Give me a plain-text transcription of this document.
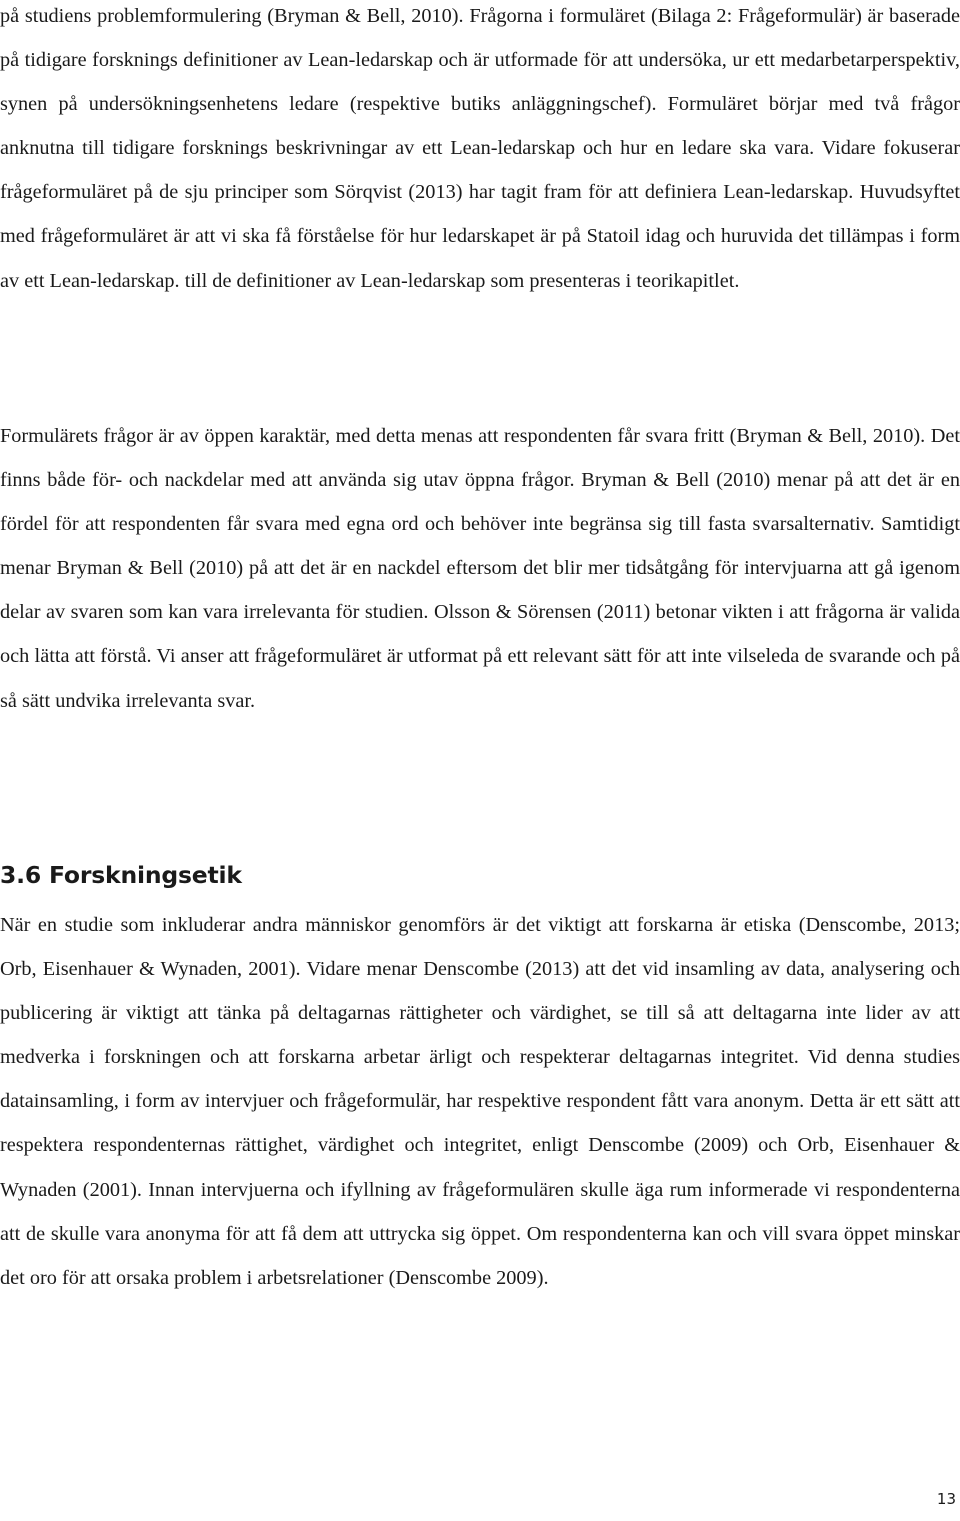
på studiens problemformulering (Bryman & Bell, 2010). Frågorna i formuläret (Bilaga 2: Frågeformulär) är baserade på tidigare forsknings definitioner av Lean-ledarskap och är utformade för att undersöka, ur ett medarbetarperspektiv, synen på undersökningsenhetens ledare (respektive butiks anläggningschef). Formuläret börjar med två frågor anknutna till tidigare forsknings beskrivningar av ett Lean-ledarskap och hur en ledare ska vara. Vidare fokuserar frågeformuläret på de sju principer som Sörqvist (2013) har tagit fram för att definiera Lean-ledarskap. Huvudsyftet med frågeformuläret är att vi ska få förståelse för hur ledarskapet är på Statoil idag och huruvida det tillämpas i form av ett Lean-ledarskap. till de definitioner av Lean-ledarskap som presenteras i teorikapitlet.

Formulärets frågor är av öppen karaktär, med detta menas att respondenten får svara fritt (Bryman & Bell, 2010). Det finns både för- och nackdelar med att använda sig utav öppna frågor. Bryman & Bell (2010) menar på att det är en fördel för att respondenten får svara med egna ord och behöver inte begränsa sig till fasta svarsalternativ. Samtidigt menar Bryman & Bell (2010) på att det är en nackdel eftersom det blir mer tidsåtgång för intervjuarna att gå igenom delar av svaren som kan vara irrelevanta för studien. Olsson & Sörensen (2011) betonar vikten i att frågorna är valida och lätta att förstå. Vi anser att frågeformuläret är utformat på ett relevant sätt för att inte vilseleda de svarande och på så sätt undvika irrelevanta svar.

3.6 Forskningsetik

När en studie som inkluderar andra människor genomförs är det viktigt att forskarna är etiska (Denscombe, 2013; Orb, Eisenhauer & Wynaden, 2001). Vidare menar Denscombe (2013) att det vid insamling av data, analysering och publicering är viktigt att tänka på deltagarnas rättigheter och värdighet, se till så att deltagarna inte lider av att medverka i forskningen och att forskarna arbetar ärligt och respekterar deltagarnas integritet. Vid denna studies datainsamling, i form av intervjuer och frågeformulär, har respektive respondent fått vara anonym. Detta är ett sätt att respektera respondenternas rättighet, värdighet och integritet, enligt Denscombe (2009) och Orb, Eisenhauer & Wynaden (2001). Innan intervjuerna och ifyllning av frågeformulären skulle äga rum informerade vi respondenterna att de skulle vara anonyma för att få dem att uttrycka sig öppet. Om respondenterna kan och vill svara öppet minskar det oro för att orsaka problem i arbetsrelationer (Denscombe 2009).

13
